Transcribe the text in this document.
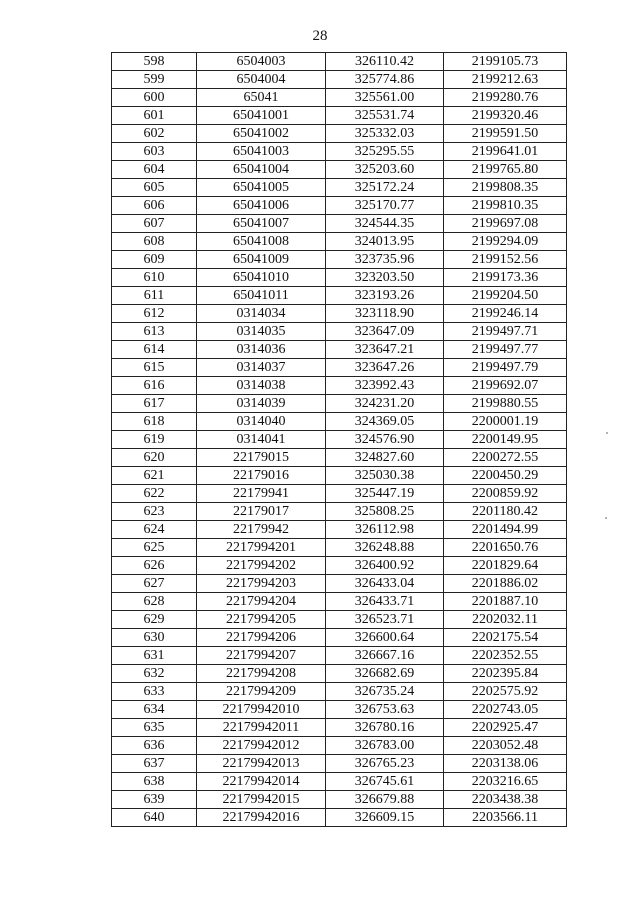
28
598	6504003	326110.42	2199105.73
599	6504004	325774.86	2199212.63
600	65041	325561.00	2199280.76
601	65041001	325531.74	2199320.46
602	65041002	325332.03	2199591.50
603	65041003	325295.55	2199641.01
604	65041004	325203.60	2199765.80
605	65041005	325172.24	2199808.35
606	65041006	325170.77	2199810.35
607	65041007	324544.35	2199697.08
608	65041008	324013.95	2199294.09
609	65041009	323735.96	2199152.56
610	65041010	323203.50	2199173.36
611	65041011	323193.26	2199204.50
612	0314034	323118.90	2199246.14
613	0314035	323647.09	2199497.71
614	0314036	323647.21	2199497.77
615	0314037	323647.26	2199497.79
616	0314038	323992.43	2199692.07
617	0314039	324231.20	2199880.55
618	0314040	324369.05	2200001.19
619	0314041	324576.90	2200149.95
620	22179015	324827.60	2200272.55
621	22179016	325030.38	2200450.29
622	22179941	325447.19	2200859.92
623	22179017	325808.25	2201180.42
624	22179942	326112.98	2201494.99
625	2217994201	326248.88	2201650.76
626	2217994202	326400.92	2201829.64
627	2217994203	326433.04	2201886.02
628	2217994204	326433.71	2201887.10
629	2217994205	326523.71	2202032.11
630	2217994206	326600.64	2202175.54
631	2217994207	326667.16	2202352.55
632	2217994208	326682.69	2202395.84
633	2217994209	326735.24	2202575.92
634	22179942010	326753.63	2202743.05
635	22179942011	326780.16	2202925.47
636	22179942012	326783.00	2203052.48
637	22179942013	326765.23	2203138.06
638	22179942014	326745.61	2203216.65
639	22179942015	326679.88	2203438.38
640	22179942016	326609.15	2203566.11
